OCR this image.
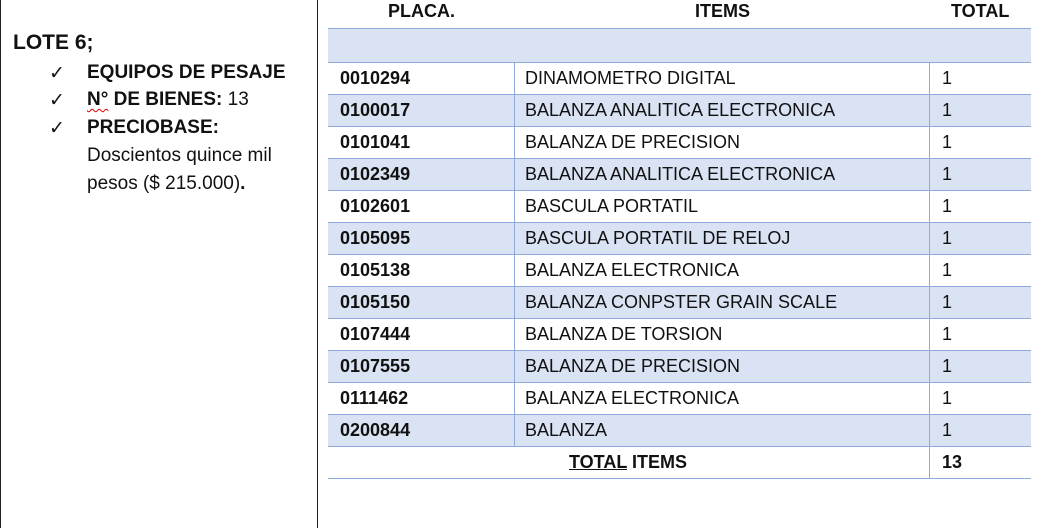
LOTE 6;
✓ EQUIPOS DE PESAJE
✓ N° DE BIENES: 13
✓ PRECIOBASE:
Doscientos quince mil
pesos ($ 215.000).
PLACA.	ITEMS	TOTAL
0010294	DINAMOMETRO DIGITAL	1
0100017	BALANZA ANALITICA ELECTRONICA	1
0101041	BALANZA DE PRECISION	1
0102349	BALANZA ANALITICA ELECTRONICA	1
0102601	BASCULA PORTATIL	1
0105095	BASCULA PORTATIL DE RELOJ	1
0105138	BALANZA ELECTRONICA	1
0105150	BALANZA CONPSTER GRAIN SCALE	1
0107444	BALANZA DE TORSION	1
0107555	BALANZA DE PRECISION	1
0111462	BALANZA ELECTRONICA	1
0200844	BALANZA	1
TOTAL ITEMS	13
